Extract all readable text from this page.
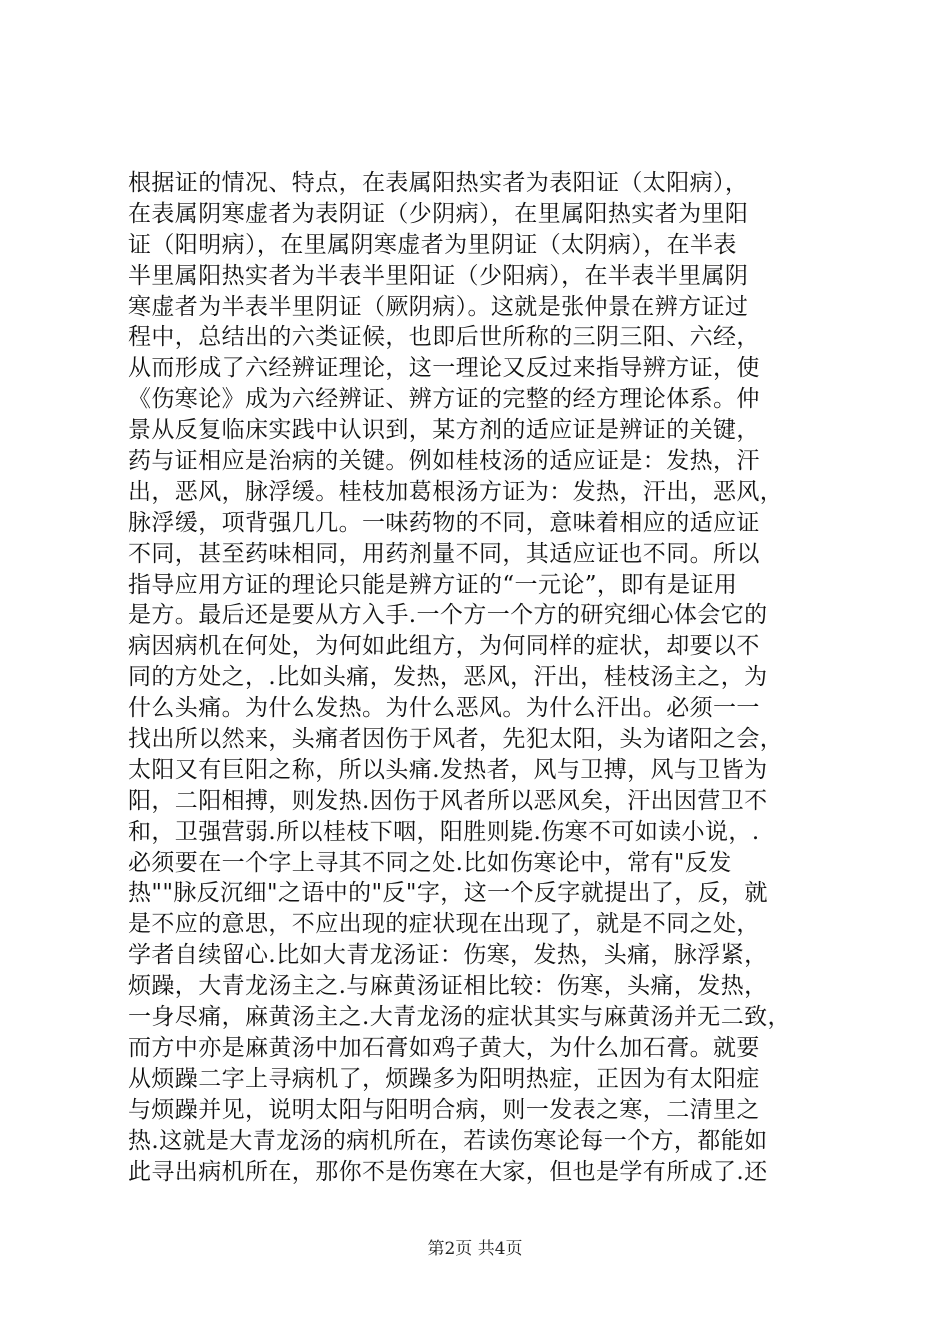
根据证的情况、特点，在表属阳热实者为表阳证（太阳病），
在表属阴寒虚者为表阴证（少阴病），在里属阳热实者为里阳
证（阳明病），在里属阴寒虚者为里阴证（太阴病），在半表
半里属阳热实者为半表半里阳证（少阳病），在半表半里属阴
寒虚者为半表半里阴证（厥阴病）。这就是张仲景在辨方证过
程中，总结出的六类证候，也即后世所称的三阴三阳、六经，
从而形成了六经辨证理论，这一理论又反过来指导辨方证，使
《伤寒论》成为六经辨证、辨方证的完整的经方理论体系。仲
景从反复临床实践中认识到，某方剂的适应证是辨证的关键，
药与证相应是治病的关键。例如桂枝汤的适应证是：发热，汗
出，恶风，脉浮缓。桂枝加葛根汤方证为：发热，汗出，恶风，
脉浮缓，项背强几几。一味药物的不同，意味着相应的适应证
不同，甚至药味相同，用药剂量不同，其适应证也不同。所以
指导应用方证的理论只能是辨方证的“一元论”，即有是证用
是方。最后还是要从方入手.一个方一个方的研究细心体会它的
病因病机在何处，为何如此组方，为何同样的症状，却要以不
同的方处之，.比如头痛，发热，恶风，汗出，桂枝汤主之，为
什么头痛。为什么发热。为什么恶风。为什么汗出。必须一一
找出所以然来，头痛者因伤于风者，先犯太阳，头为诸阳之会，
太阳又有巨阳之称，所以头痛.发热者，风与卫搏，风与卫皆为
阳，二阳相搏，则发热.因伤于风者所以恶风矣，汗出因营卫不
和，卫强营弱.所以桂枝下咽，阳胜则毙.伤寒不可如读小说，.
必须要在一个字上寻其不同之处.比如伤寒论中，常有"反发
热""脉反沉细"之语中的"反"字，这一个反字就提出了，反，就
是不应的意思，不应出现的症状现在出现了，就是不同之处，
学者自续留心.比如大青龙汤证：伤寒，发热，头痛，脉浮紧，
烦躁，大青龙汤主之.与麻黄汤证相比较：伤寒，头痛，发热，
一身尽痛，麻黄汤主之.大青龙汤的症状其实与麻黄汤并无二致，
而方中亦是麻黄汤中加石膏如鸡子黄大，为什么加石膏。就要
从烦躁二字上寻病机了，烦躁多为阳明热症，正因为有太阳症
与烦躁并见，说明太阳与阳明合病，则一发表之寒，二清里之
热.这就是大青龙汤的病机所在，若读伤寒论每一个方，都能如
此寻出病机所在，那你不是伤寒在大家，但也是学有所成了.还
第2页 共4页
